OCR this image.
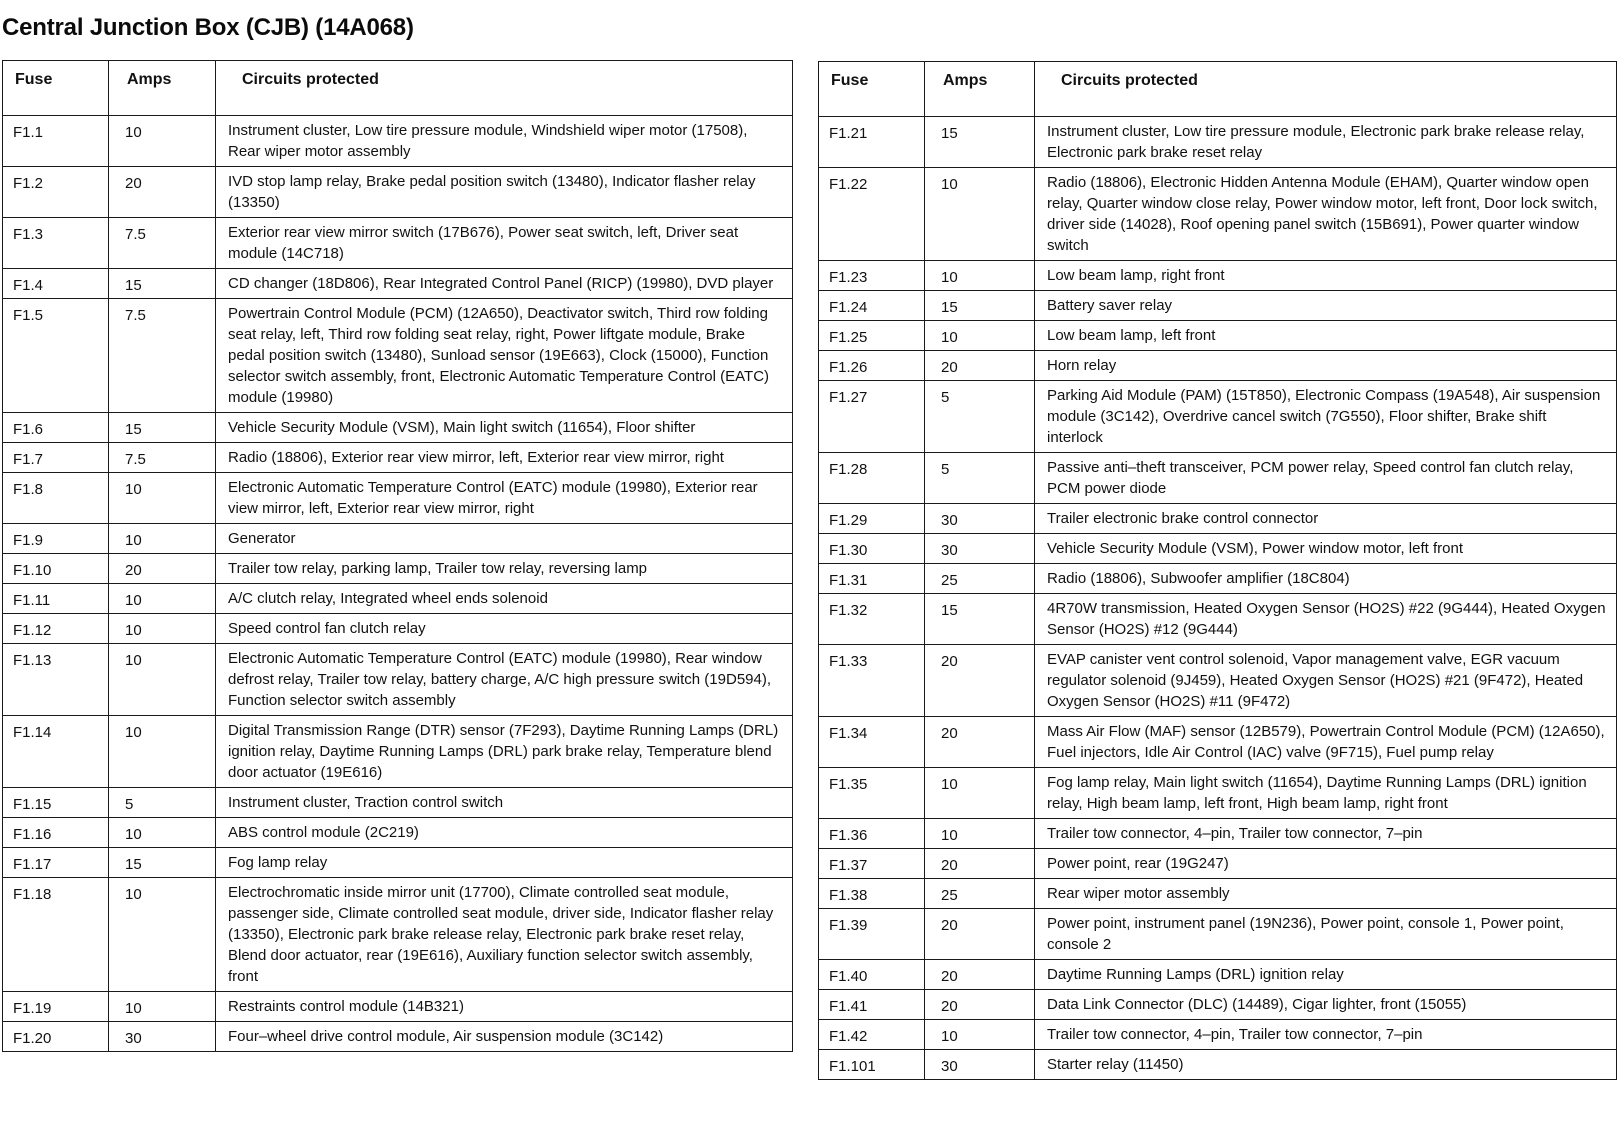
Central Junction Box (CJB) (14A068)
Fuse	Amps	Circuits protected
F1.1	10	Instrument cluster, Low tire pressure module, Windshield wiper motor (17508), Rear wiper motor assembly
F1.2	20	IVD stop lamp relay, Brake pedal position switch (13480), Indicator flasher relay (13350)
F1.3	7.5	Exterior rear view mirror switch (17B676), Power seat switch, left, Driver seat module (14C718)
F1.4	15	CD changer (18D806), Rear Integrated Control Panel (RICP) (19980), DVD player
F1.5	7.5	Powertrain Control Module (PCM) (12A650), Deactivator switch, Third row folding seat relay, left, Third row folding seat relay, right, Power liftgate module, Brake pedal position switch (13480), Sunload sensor (19E663), Clock (15000), Function selector switch assembly, front, Electronic Automatic Temperature Control (EATC) module (19980)
F1.6	15	Vehicle Security Module (VSM), Main light switch (11654), Floor shifter
F1.7	7.5	Radio (18806), Exterior rear view mirror, left, Exterior rear view mirror, right
F1.8	10	Electronic Automatic Temperature Control (EATC) module (19980), Exterior rear view mirror, left, Exterior rear view mirror, right
F1.9	10	Generator
F1.10	20	Trailer tow relay, parking lamp, Trailer tow relay, reversing lamp
F1.11	10	A/C clutch relay, Integrated wheel ends solenoid
F1.12	10	Speed control fan clutch relay
F1.13	10	Electronic Automatic Temperature Control (EATC) module (19980), Rear window defrost relay, Trailer tow relay, battery charge, A/C high pressure switch (19D594), Function selector switch assembly
F1.14	10	Digital Transmission Range (DTR) sensor (7F293), Daytime Running Lamps (DRL) ignition relay, Daytime Running Lamps (DRL) park brake relay, Temperature blend door actuator (19E616)
F1.15	5	Instrument cluster, Traction control switch
F1.16	10	ABS control module (2C219)
F1.17	15	Fog lamp relay
F1.18	10	Electrochromatic inside mirror unit (17700), Climate controlled seat module, passenger side, Climate controlled seat module, driver side, Indicator flasher relay (13350), Electronic park brake release relay, Electronic park brake reset relay, Blend door actuator, rear (19E616), Auxiliary function selector switch assembly, front
F1.19	10	Restraints control module (14B321)
F1.20	30	Four–wheel drive control module, Air suspension module (3C142)
Fuse	Amps	Circuits protected
F1.21	15	Instrument cluster, Low tire pressure module, Electronic park brake release relay, Electronic park brake reset relay
F1.22	10	Radio (18806), Electronic Hidden Antenna Module (EHAM), Quarter window open relay, Quarter window close relay, Power window motor, left front, Door lock switch, driver side (14028), Roof opening panel switch (15B691), Power quarter window switch
F1.23	10	Low beam lamp, right front
F1.24	15	Battery saver relay
F1.25	10	Low beam lamp, left front
F1.26	20	Horn relay
F1.27	5	Parking Aid Module (PAM) (15T850), Electronic Compass (19A548), Air suspension module (3C142), Overdrive cancel switch (7G550), Floor shifter, Brake shift interlock
F1.28	5	Passive anti–theft transceiver, PCM power relay, Speed control fan clutch relay, PCM power diode
F1.29	30	Trailer electronic brake control connector
F1.30	30	Vehicle Security Module (VSM), Power window motor, left front
F1.31	25	Radio (18806), Subwoofer amplifier (18C804)
F1.32	15	4R70W transmission, Heated Oxygen Sensor (HO2S) #22 (9G444), Heated Oxygen Sensor (HO2S) #12 (9G444)
F1.33	20	EVAP canister vent control solenoid, Vapor management valve, EGR vacuum regulator solenoid (9J459), Heated Oxygen Sensor (HO2S) #21 (9F472), Heated Oxygen Sensor (HO2S) #11 (9F472)
F1.34	20	Mass Air Flow (MAF) sensor (12B579), Powertrain Control Module (PCM) (12A650), Fuel injectors, Idle Air Control (IAC) valve (9F715), Fuel pump relay
F1.35	10	Fog lamp relay, Main light switch (11654), Daytime Running Lamps (DRL) ignition relay, High beam lamp, left front, High beam lamp, right front
F1.36	10	Trailer tow connector, 4–pin, Trailer tow connector, 7–pin
F1.37	20	Power point, rear (19G247)
F1.38	25	Rear wiper motor assembly
F1.39	20	Power point, instrument panel (19N236), Power point, console 1, Power point, console 2
F1.40	20	Daytime Running Lamps (DRL) ignition relay
F1.41	20	Data Link Connector (DLC) (14489), Cigar lighter, front (15055)
F1.42	10	Trailer tow connector, 4–pin, Trailer tow connector, 7–pin
F1.101	30	Starter relay (11450)
